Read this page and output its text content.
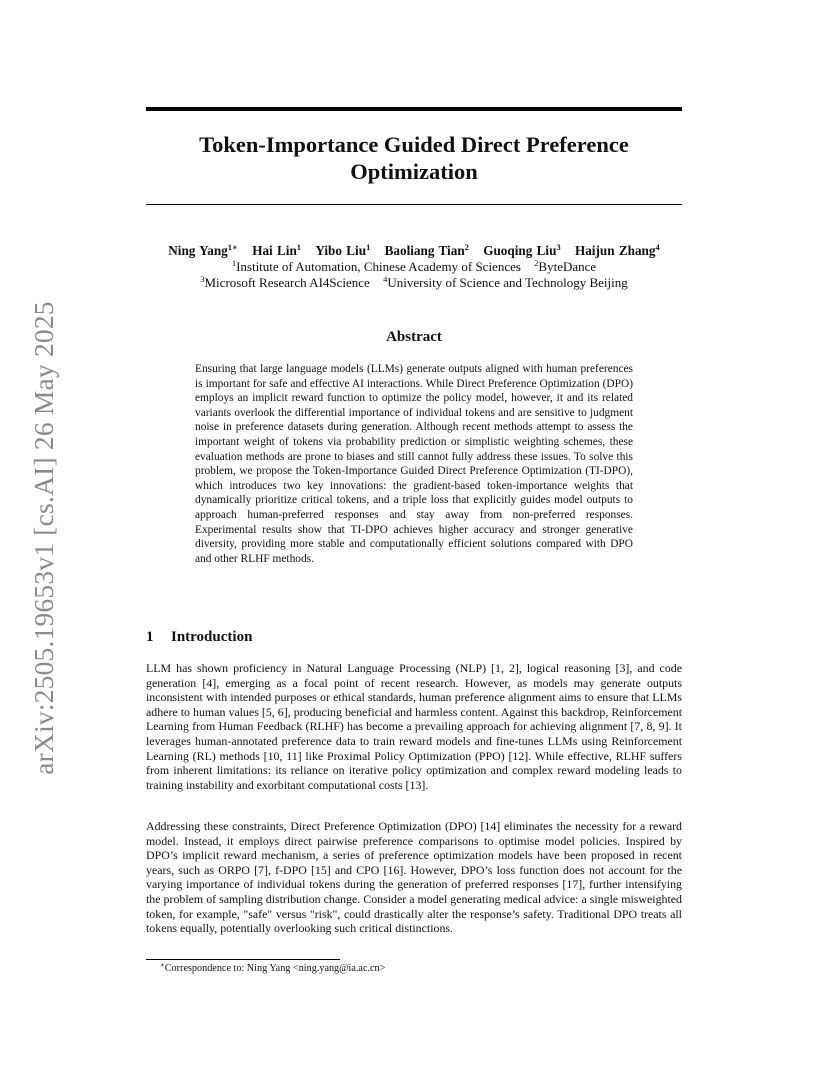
arXiv:2505.19653v1 [cs.AI] 26 May 2025
Token-Importance Guided Direct Preference Optimization
Ning Yang$^{1∗}$ Hai Lin$^1$ Yibo Liu$^1$ Baoliang Tian$^2$ Guoqing Liu$^3$ Haijun Zhang$^4$
$^1$Institute of Automation, Chinese Academy of Sciences $^2$ByteDance
$^3$Microsoft Research AI4Science $^4$University of Science and Technology Beijing
Abstract

Ensuring that large language models (LLMs) generate outputs aligned with human preferences is important for safe and effective AI interactions. While Direct Preference Optimization (DPO) employs an implicit reward function to optimize the policy model, however, it and its related variants overlook the differential importance of individual tokens and are sensitive to judgment noise in preference datasets during generation. Although recent methods attempt to assess the important weight of tokens via probability prediction or simplistic weighting schemes, these evaluation methods are prone to biases and still cannot fully address these issues. To solve this problem, we propose the Token-Importance Guided Direct Preference Optimization (TI-DPO), which introduces two key innovations: the gradient-based token-importance weights that dynamically prioritize critical tokens, and a triple loss that explicitly guides model outputs to approach human-preferred responses and stay away from non-preferred responses. Experimental results show that TI-DPO achieves higher accuracy and stronger generative diversity, providing more stable and computationally efficient solutions compared with DPO and other RLHF methods.

1 Introduction

LLM has shown proficiency in Natural Language Processing (NLP) [1, 2], logical reasoning [3], and code generation [4], emerging as a focal point of recent research. However, as models may generate outputs inconsistent with intended purposes or ethical standards, human preference alignment aims to ensure that LLMs adhere to human values [5, 6], producing beneficial and harmless content. Against this backdrop, Reinforcement Learning from Human Feedback (RLHF) has become a prevailing approach for achieving alignment [7, 8, 9]. It leverages human-annotated preference data to train reward models and fine-tunes LLMs using Reinforcement Learning (RL) methods [10, 11] like Proximal Policy Optimization (PPO) [12]. While effective, RLHF suffers from inherent limitations: its reliance on iterative policy optimization and complex reward modeling leads to training instability and exorbitant computational costs [13].

Addressing these constraints, Direct Preference Optimization (DPO) [14] eliminates the necessity for a reward model. Instead, it employs direct pairwise preference comparisons to optimise model policies. Inspired by DPO’s implicit reward mechanism, a series of preference optimization models have been proposed in recent years, such as ORPO [7], f-DPO [15] and CPO [16]. However, DPO’s loss function does not account for the varying importance of individual tokens during the generation of preferred responses [17], further intensifying the problem of sampling distribution change. Consider a model generating medical advice: a single misweighted token, for example, "safe" versus "risk", could drastically alter the response’s safety. Traditional DPO treats all tokens equally, potentially overlooking such critical distinctions.

∗Correspondence to: Ning Yang <ning.yang@ia.ac.cn>
